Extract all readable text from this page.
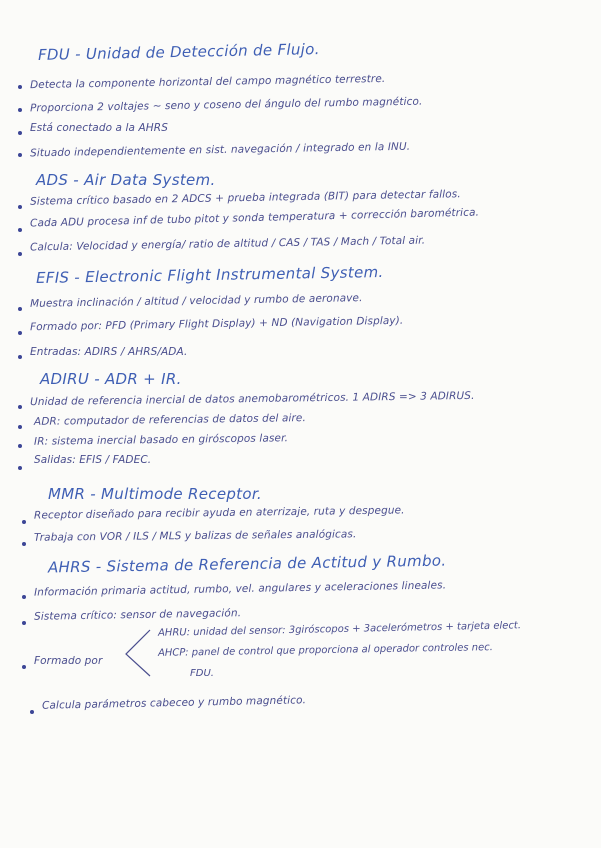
FDU - Unidad de Detección de Flujo.
Detecta la componente horizontal del campo magnético terrestre.
Proporciona 2 voltajes ~ seno y coseno del ángulo del rumbo magnético.
Está conectado a la AHRS
Situado independientemente en sist. navegación / integrado en la INU.
ADS - Air Data System.
Sistema crítico basado en 2 ADCS + prueba integrada (BIT) para detectar fallos.
Cada ADU procesa inf de tubo pitot y sonda temperatura + corrección barométrica.
Calcula: Velocidad y energía/ ratio de altitud / CAS / TAS / Mach / Total air.
EFIS - Electronic Flight Instrumental System.
Muestra inclinación / altitud / velocidad y rumbo de aeronave.
Formado por: PFD (Primary Flight Display) + ND (Navigation Display).
Entradas: ADIRS / AHRS/ADA.
ADIRU - ADR + IR.
Unidad de referencia inercial de datos anemobarométricos. 1 ADIRS => 3 ADIRUS.
ADR: computador de referencias de datos del aire.
IR: sistema inercial basado en giróscopos laser.
Salidas: EFIS / FADEC.
MMR - Multimode Receptor.
Receptor diseñado para recibir ayuda en aterrizaje, ruta y despegue.
Trabaja con VOR / ILS / MLS y balizas de señales analógicas.
AHRS - Sistema de Referencia de Actitud y Rumbo.
Información primaria actitud, rumbo, vel. angulares y aceleraciones lineales.
Sistema crítico: sensor de navegación.
Formado por
AHRU: unidad del sensor: 3giróscopos + 3acelerómetros + tarjeta elect.
AHCP: panel de control que proporciona al operador controles nec.
FDU.
Calcula parámetros cabeceo y rumbo magnético.
